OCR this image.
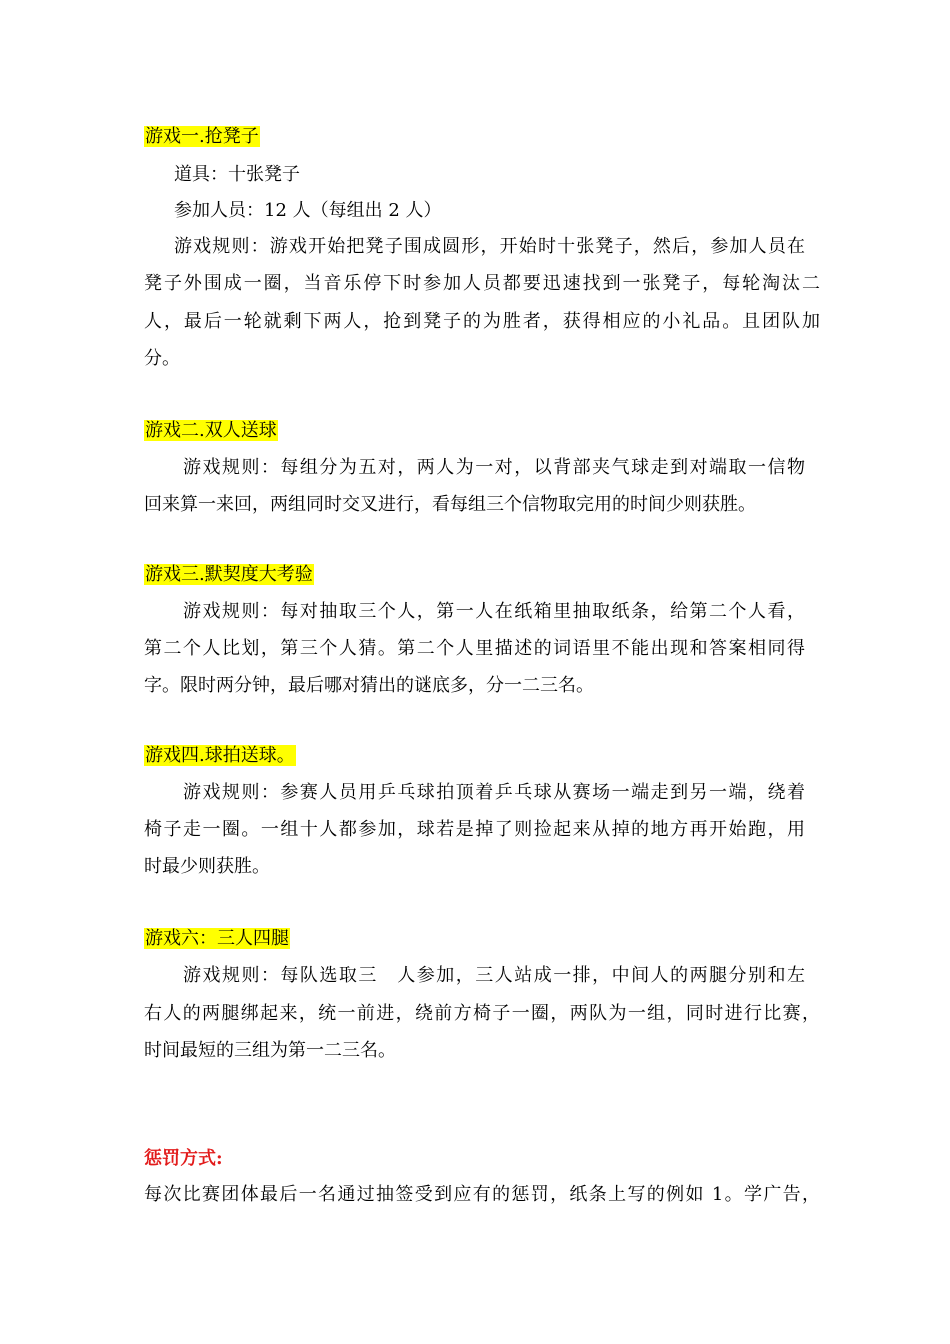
游戏一.抢凳子
道具：十张凳子
参加人员：12 人（每组出 2 人）
游戏规则：游戏开始把凳子围成圆形，开始时十张凳子，然后，参加人员在
凳子外围成一圈，当音乐停下时参加人员都要迅速找到一张凳子，每轮淘汰二
人，最后一轮就剩下两人，抢到凳子的为胜者，获得相应的小礼品。且团队加
分。
游戏二.双人送球
游戏规则：每组分为五对，两人为一对，以背部夹气球走到对端取一信物
回来算一来回，两组同时交叉进行，看每组三个信物取完用的时间少则获胜。
游戏三.默契度大考验
游戏规则：每对抽取三个人，第一人在纸箱里抽取纸条，给第二个人看，
第二个人比划，第三个人猜。第二个人里描述的词语里不能出现和答案相同得
字。限时两分钟，最后哪对猜出的谜底多，分一二三名。
游戏四.球拍送球。
游戏规则：参赛人员用乒乓球拍顶着乒乓球从赛场一端走到另一端，绕着
椅子走一圈。一组十人都参加，球若是掉了则捡起来从掉的地方再开始跑，用
时最少则获胜。
游戏六：三人四腿
游戏规则：每队选取三　人参加，三人站成一排，中间人的两腿分别和左
右人的两腿绑起来，统一前进，绕前方椅子一圈，两队为一组，同时进行比赛，
时间最短的三组为第一二三名。
惩罚方式:
每次比赛团体最后一名通过抽签受到应有的惩罚，纸条上写的例如 1。学广告，
